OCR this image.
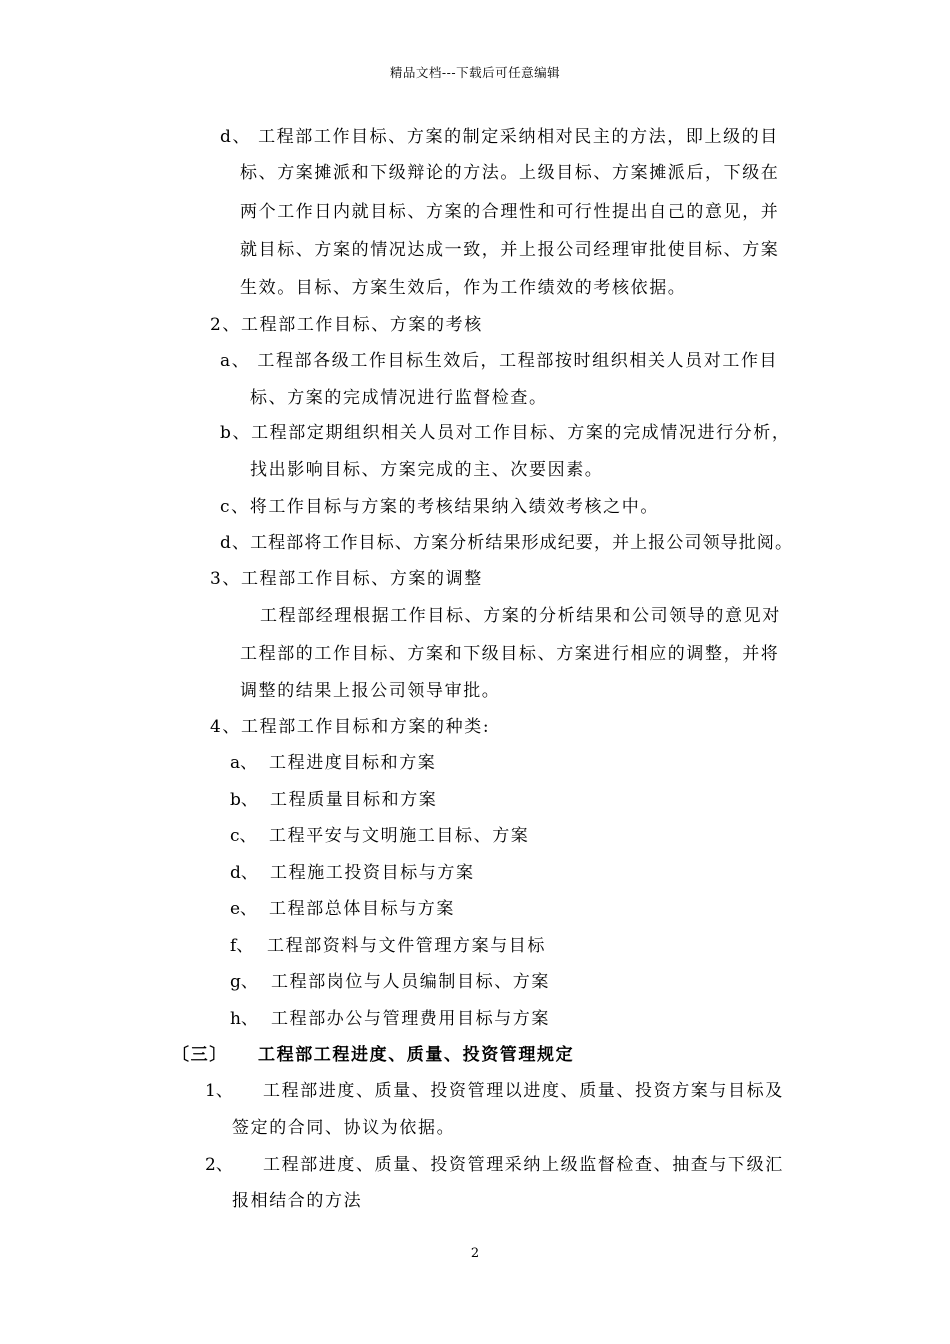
精品文档---下载后可任意编辑
d、 工程部工作目标、方案的制定采纳相对民主的方法，即上级的目
标、方案摊派和下级辩论的方法。上级目标、方案摊派后，下级在
两个工作日内就目标、方案的合理性和可行性提出自己的意见，并
就目标、方案的情况达成一致，并上报公司经理审批使目标、方案
生效。目标、方案生效后，作为工作绩效的考核依据。
2、工程部工作目标、方案的考核
a、 工程部各级工作目标生效后，工程部按时组织相关人员对工作目
标、方案的完成情况进行监督检查。
b、工程部定期组织相关人员对工作目标、方案的完成情况进行分析，
找出影响目标、方案完成的主、次要因素。
c、将工作目标与方案的考核结果纳入绩效考核之中。
d、工程部将工作目标、方案分析结果形成纪要，并上报公司领导批阅。
3、工程部工作目标、方案的调整
工程部经理根据工作目标、方案的分析结果和公司领导的意见对
工程部的工作目标、方案和下级目标、方案进行相应的调整，并将
调整的结果上报公司领导审批。
4、工程部工作目标和方案的种类:
a、 工程进度目标和方案
b、 工程质量目标和方案
c、 工程平安与文明施工目标、方案
d、 工程施工投资目标与方案
e、 工程部总体目标与方案
f、 工程部资料与文件管理方案与目标
g、 工程部岗位与人员编制目标、方案
h、 工程部办公与管理费用目标与方案
〔三〕 工程部工程进度、质量、投资管理规定
1、 工程部进度、质量、投资管理以进度、质量、投资方案与目标及
签定的合同、协议为依据。
2、 工程部进度、质量、投资管理采纳上级监督检查、抽查与下级汇
报相结合的方法
2
